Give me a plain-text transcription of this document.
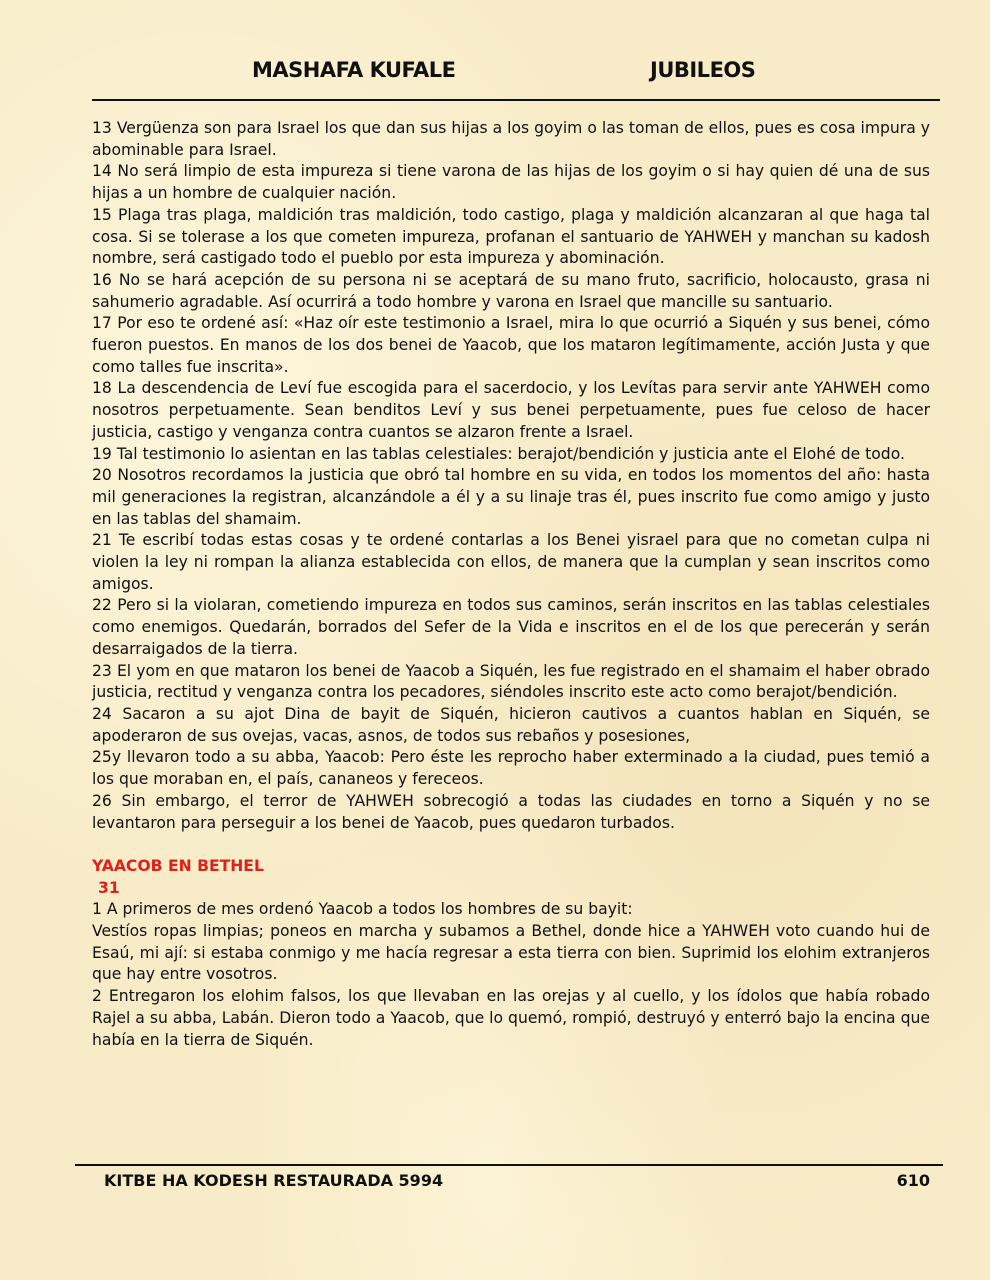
MASHAFA KUFALE	JUBILEOS

13 Vergüenza son para Israel los que dan sus hijas a los goyim o las toman de ellos, pues es cosa impura y abominable para Israel.

14 No será limpio de esta impureza si tiene varona de las hijas de los goyim o si hay quien dé una de sus hijas a un hombre de cualquier nación.

15 Plaga tras plaga, maldición tras maldición, todo castigo, plaga y maldición alcanzaran al que haga tal cosa. Si se tolerase a los que cometen impureza, profanan el santuario de YAHWEH y manchan su kadosh nombre, será castigado todo el pueblo por esta impureza y abominación.

16 No se hará acepción de su persona ni se aceptará de su mano fruto, sacrificio, holocausto, grasa ni sahumerio agradable. Así ocurrirá a todo hombre y varona en Israel que mancille su santuario.

17 Por eso te ordené así: «Haz oír este testimonio a Israel, mira lo que ocurrió a Siquén y sus benei, cómo fueron puestos. En manos de los dos benei de Yaacob, que los mataron legítimamente, acción Justa y que como talles fue inscrita».

18 La descendencia de Leví fue escogida para el sacerdocio, y los Levítas para servir ante YAHWEH como nosotros perpetuamente. Sean benditos Leví y sus benei perpetuamente, pues fue celoso de hacer justicia, castigo y venganza contra cuantos se alzaron frente a Israel.

19 Tal testimonio lo asientan en las tablas celestiales: berajot/bendición y justicia ante el Elohé de todo.

20 Nosotros recordamos la justicia que obró tal hombre en su vida, en todos los momentos del año: hasta mil generaciones la registran, alcanzándole a él y a su linaje tras él, pues inscrito fue como amigo y justo en las tablas del shamaim.

21 Te escribí todas estas cosas y te ordené contarlas a los Benei yisrael para que no cometan culpa ni violen la ley ni rompan la alianza establecida con ellos, de manera que la cumplan y sean inscritos como amigos.

22 Pero si la violaran, cometiendo impureza en todos sus caminos, serán inscritos en las tablas celestiales como enemigos. Quedarán, borrados del Sefer de la Vida e inscritos en el de los que perecerán y serán desarraigados de la tierra.

23 El yom en que mataron los benei de Yaacob a Siquén, les fue registrado en el shamaim el haber obrado justicia, rectitud y venganza contra los pecadores, siéndoles inscrito este acto como berajot/bendición.

24 Sacaron a su ajot Dina de bayit de Siquén, hicieron cautivos a cuantos hablan en Siquén, se apoderaron de sus ovejas, vacas, asnos, de todos sus rebaños y posesiones,

25y llevaron todo a su abba, Yaacob: Pero éste les reprocho haber exterminado a la ciudad, pues temió a los que moraban en, el país, cananeos y fereceos.

26 Sin embargo, el terror de YAHWEH sobrecogió a todas las ciudades en torno a Siquén y no se levantaron para perseguir a los benei de Yaacob, pues quedaron turbados.

YAACOB EN BETHEL

31

1 A primeros de mes ordenó Yaacob a todos los hombres de su bayit:

Vestíos ropas limpias; poneos en marcha y subamos a Bethel, donde hice a YAHWEH voto cuando hui de Esaú, mi ají: si estaba conmigo y me hacía regresar a esta tierra con bien. Suprimid los elohim extranjeros que hay entre vosotros.

2 Entregaron los elohim falsos, los que llevaban en las orejas y al cuello, y los ídolos que había robado Rajel a su abba, Labán. Dieron todo a Yaacob, que lo quemó, rompió, destruyó y enterró bajo la encina que había en la tierra de Siquén.

KITBE HA KODESH RESTAURADA 5994	610
